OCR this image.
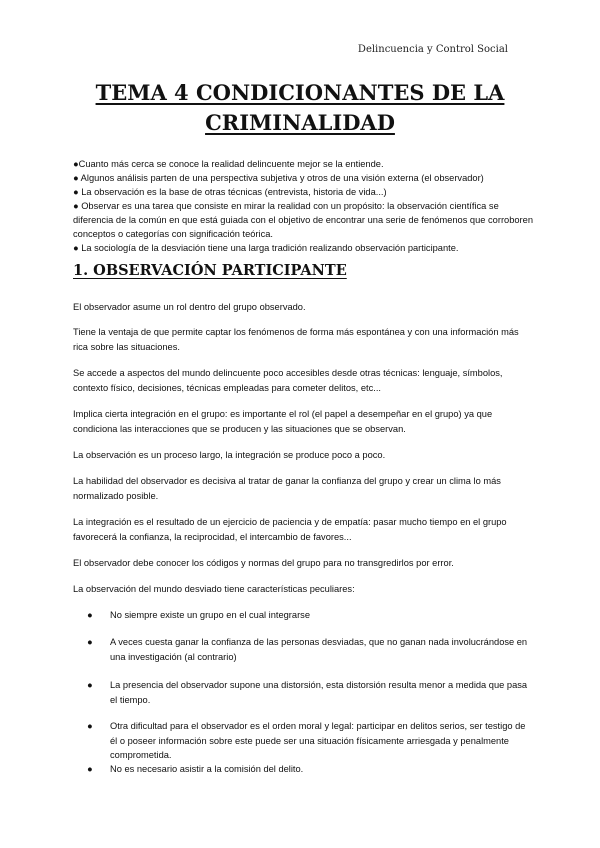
Delincuencia y Control Social
TEMA 4 CONDICIONANTES DE LA
CRIMINALIDAD

●Cuanto más cerca se conoce la realidad delincuente mejor se la entiende.

● Algunos análisis parten de una perspectiva subjetiva y otros de una visión externa (el observador)

● La observación es la base de otras técnicas (entrevista, historia de vida...)

● Observar es una tarea que consiste en mirar la realidad con un propósito: la observación científica se diferencia de la común en que está guiada con el objetivo de encontrar una serie de fenómenos que corroboren conceptos o categorías con significación teórica.

● La sociología de la desviación tiene una larga tradición realizando observación participante.

1. OBSERVACIÓN PARTICIPANTE

El observador asume un rol dentro del grupo observado.

Tiene la ventaja de que permite captar los fenómenos de forma más espontánea y con una información más rica sobre las situaciones.

Se accede a aspectos del mundo delincuente poco accesibles desde otras técnicas: lenguaje, símbolos, contexto físico, decisiones, técnicas empleadas para cometer delitos, etc...

Implica cierta integración en el grupo: es importante el rol (el papel a desempeñar en el grupo) ya que condiciona las interacciones que se producen y las situaciones que se observan.

La observación es un proceso largo, la integración se produce poco a poco.

La habilidad del observador es decisiva al tratar de ganar la confianza del grupo y crear un clima lo más normalizado posible.

La integración es el resultado de un ejercicio de paciencia y de empatía: pasar mucho tiempo en el grupo favorecerá la confianza, la reciprocidad, el intercambio de favores...

El observador debe conocer los códigos y normas del grupo para no transgredirlos por error.

La observación del mundo desviado tiene características peculiares:

● No siempre existe un grupo en el cual integrarse
● A veces cuesta ganar la confianza de las personas desviadas, que no ganan nada involucrándose en una investigación (al contrario)
● La presencia del observador supone una distorsión, esta distorsión resulta menor a medida que pasa el tiempo.
● Otra dificultad para el observador es el orden moral y legal: participar en delitos serios, ser testigo de él o poseer información sobre este puede ser una situación físicamente arriesgada y penalmente comprometida.
● No es necesario asistir a la comisión del delito.
